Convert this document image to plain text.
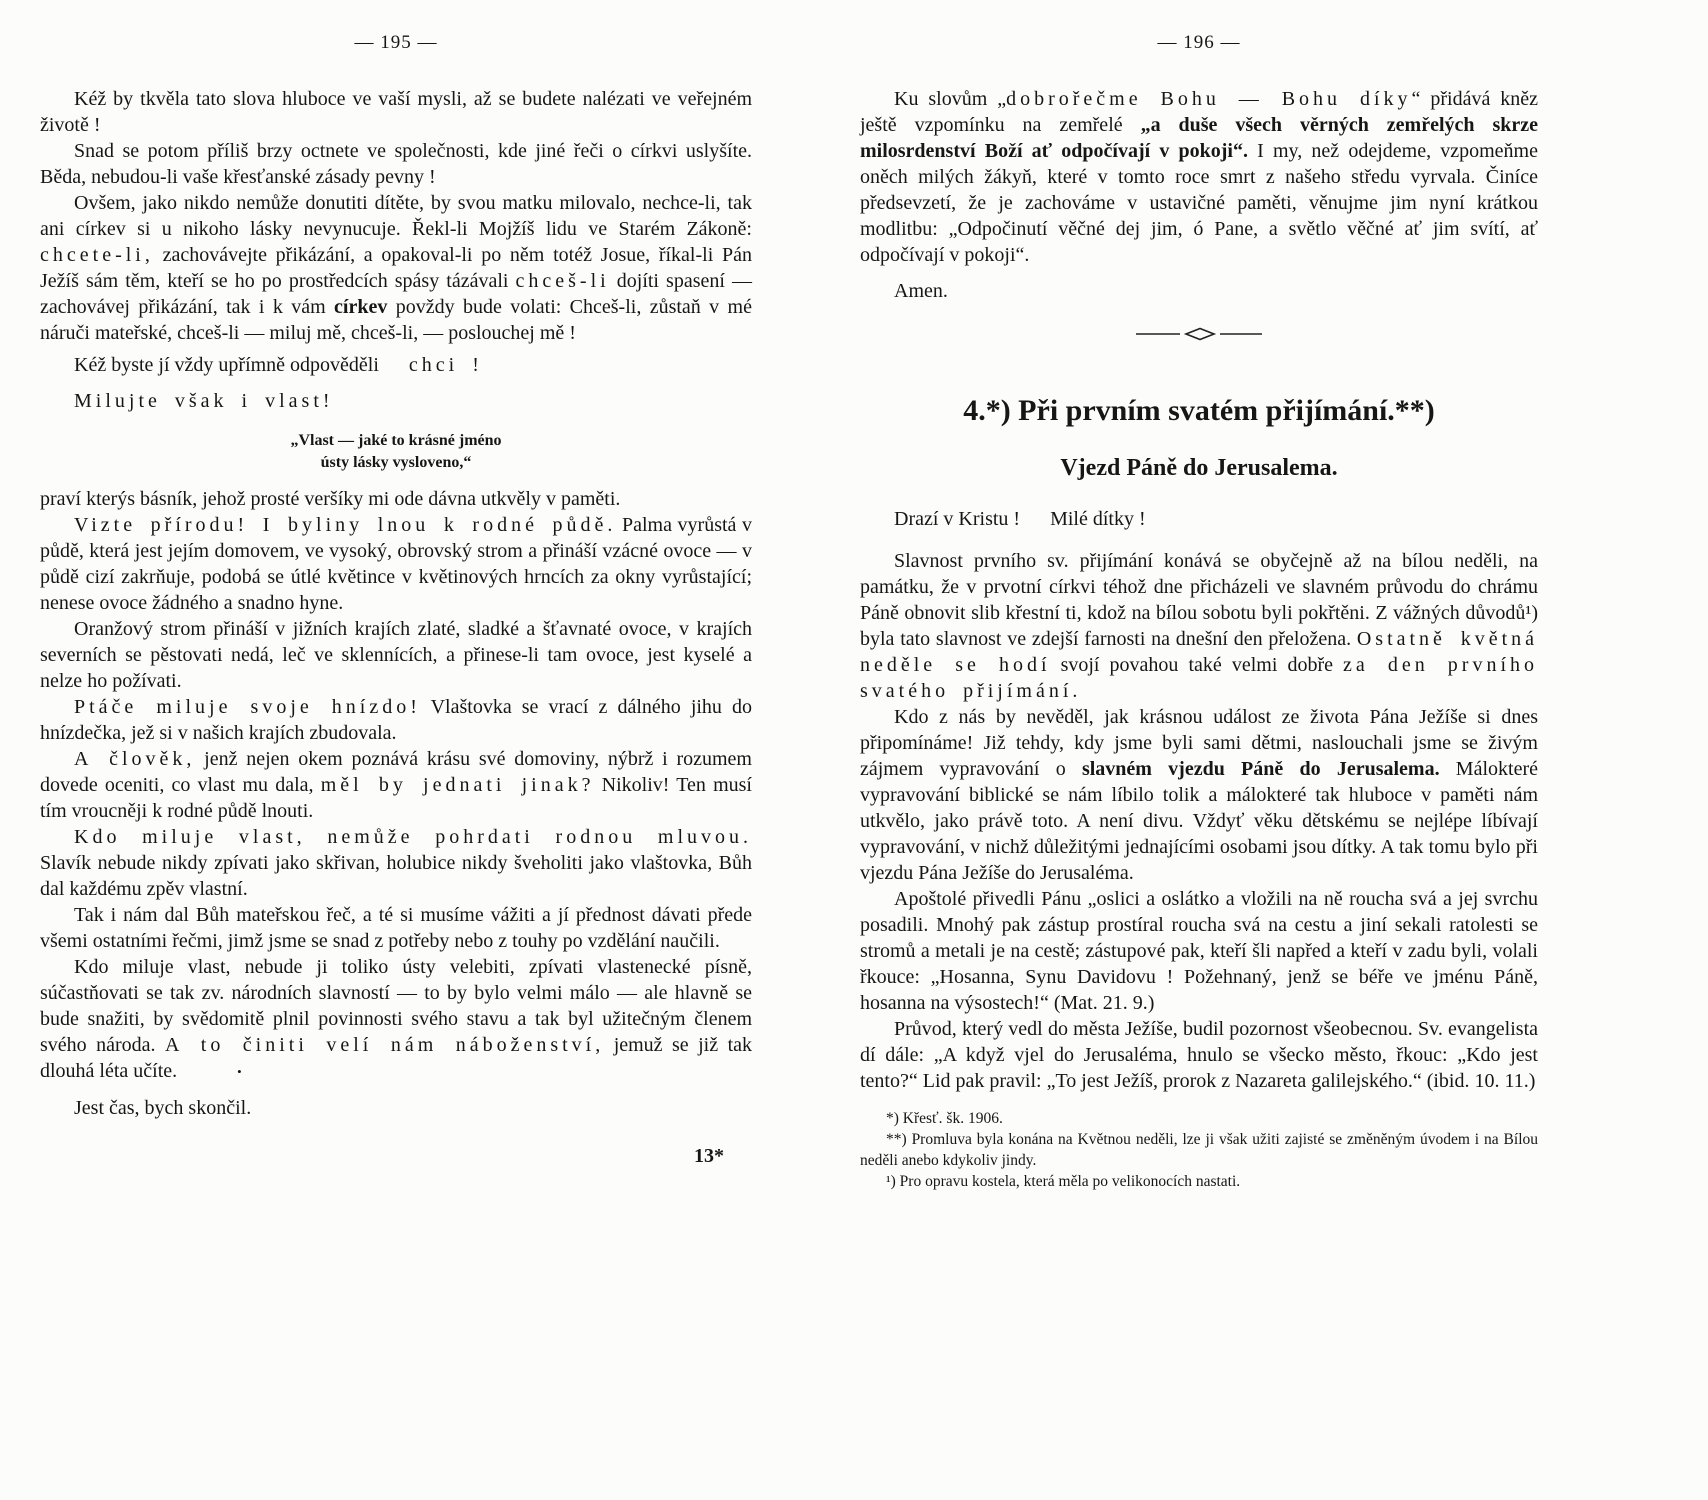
— 195 —

Kéž by tkvěla tato slova hluboce ve vaší mysli, až se budete nalézati ve veřejném životě !

Snad se potom příliš brzy octnete ve společnosti, kde jiné řeči o církvi uslyšíte. Běda, nebudou-li vaše křesťanské zásady pevny !

Ovšem, jako nikdo nemůže donutiti dítěte, by svou matku milovalo, nechce-li, tak ani církev si u nikoho lásky nevynucuje. Řekl-li Mojžíš lidu ve Starém Zákoně: chcete-li, zachovávejte přikázání, a opakoval-li po něm totéž Josue, říkal-li Pán Ježíš sám těm, kteří se ho po prostředcích spásy tázávali chceš-li dojíti spasení — zachovávej přikázání, tak i k vám církev povždy bude volati: Chceš-li, zůstaň v mé náruči mateřské, chceš-li — miluj mě, chceš-li, — poslouchej mě !

Kéž byste jí vždy upřímně odpověděli chci !

Milujte však i vlast!

„Vlast — jaké to krásné jméno
ústy lásky vysloveno,“

praví kterýs básník, jehož prosté veršíky mi ode dávna utkvěly v paměti.

Vizte přírodu! I byliny lnou k rodné půdě. Palma vyrůstá v půdě, která jest jejím domovem, ve vysoký, obrovský strom a přináší vzácné ovoce — v půdě cizí zakrňuje, podobá se útlé květince v květinových hrncích za okny vyrůstající; nenese ovoce žádného a snadno hyne.

Oranžový strom přináší v jižních krajích zlaté, sladké a šťavnaté ovoce, v krajích severních se pěstovati nedá, leč ve sklennících, a přinese-li tam ovoce, jest kyselé a nelze ho požívati.

Ptáče miluje svoje hnízdo! Vlaštovka se vrací z dálného jihu do hnízdečka, jež si v našich krajích zbudovala.

A člověk, jenž nejen okem poznává krásu své domoviny, nýbrž i rozumem dovede oceniti, co vlast mu dala, měl by jednati jinak? Nikoliv! Ten musí tím vroucněji k rodné půdě lnouti.

Kdo miluje vlast, nemůže pohrdati rodnou mluvou. Slavík nebude nikdy zpívati jako skřivan, holubice nikdy šveholiti jako vlaštovka, Bůh dal každému zpěv vlastní.

Tak i nám dal Bůh mateřskou řeč, a té si musíme vážiti a jí přednost dávati přede všemi ostatními řečmi, jimž jsme se snad z potřeby nebo z touhy po vzdělání naučili.

Kdo miluje vlast, nebude ji toliko ústy velebiti, zpívati vlastenecké písně, súčastňovati se tak zv. národních slavností — to by bylo velmi málo — ale hlavně se bude snažiti, by svědomitě plnil povinnosti svého stavu a tak byl užitečným členem svého národa. A to činiti velí nám náboženství, jemuž se již tak dlouhá léta učíte.	•

Jest čas, bych skončil.

13*
— 196 —

Ku slovům „dobrořečme Bohu — Bohu díky“ přidává kněz ještě vzpomínku na zemřelé „a duše všech věrných zemřelých skrze milosrdenství Boží ať odpočívají v pokoji“. I my, než odejdeme, vzpomeňme oněch milých žákyň, které v tomto roce smrt z našeho středu vyrvala. Činíce předsevzetí, že je zachováme v ustavičné paměti, věnujme jim nyní krátkou modlitbu: „Odpočinutí věčné dej jim, ó Pane, a světlo věčné ať jim svítí, ať odpočívají v pokoji“.

Amen.

4.*) Při prvním svatém přijímání.**)
Vjezd Páně do Jerusalema.

Drazí v Kristu ! Milé dítky !

Slavnost prvního sv. přijímání konává se obyčejně až na bílou neděli, na památku, že v prvotní církvi téhož dne přicházeli ve slavném průvodu do chrámu Páně obnovit slib křestní ti, kdož na bílou sobotu byli pokřtěni. Z vážných důvodů¹) byla tato slavnost ve zdejší farnosti na dnešní den přeložena. Ostatně květná neděle se hodí svojí povahou také velmi dobře za den prvního svatého přijímání.

Kdo z nás by nevěděl, jak krásnou událost ze života Pána Ježíše si dnes připomínáme! Již tehdy, kdy jsme byli sami dětmi, naslouchali jsme se živým zájmem vypravování o slavném vjezdu Páně do Jerusalema. Málokteré vypravování biblické se nám líbilo tolik a málokteré tak hluboce v paměti nám utkvělo, jako právě toto. A není divu. Vždyť věku dětskému se nejlépe líbívají vypravování, v nichž důležitými jednajícími osobami jsou dítky. A tak tomu bylo při vjezdu Pána Ježíše do Jerusaléma.

Apoštolé přivedli Pánu „oslici a oslátko a vložili na ně roucha svá a jej svrchu posadili. Mnohý pak zástup prostíral roucha svá na cestu a jiní sekali ratolesti se stromů a metali je na cestě; zástupové pak, kteří šli napřed a kteří v zadu byli, volali řkouce: „Hosanna, Synu Davidovu ! Požehnaný, jenž se béře ve jménu Páně, hosanna na výsostech!“ (Mat. 21. 9.)

Průvod, který vedl do města Ježíše, budil pozornost všeobecnou. Sv. evangelista dí dále: „A když vjel do Jerusaléma, hnulo se všecko město, řkouc: „Kdo jest tento?“ Lid pak pravil: „To jest Ježíš, prorok z Nazareta galilejského.“ (ibid. 10. 11.)

*) Křesť. šk. 1906.

**) Promluva byla konána na Květnou neděli, lze ji však užiti zajisté se změněným úvodem i na Bílou neděli anebo kdykoliv jindy.

¹) Pro opravu kostela, která měla po velikonocích nastati.
